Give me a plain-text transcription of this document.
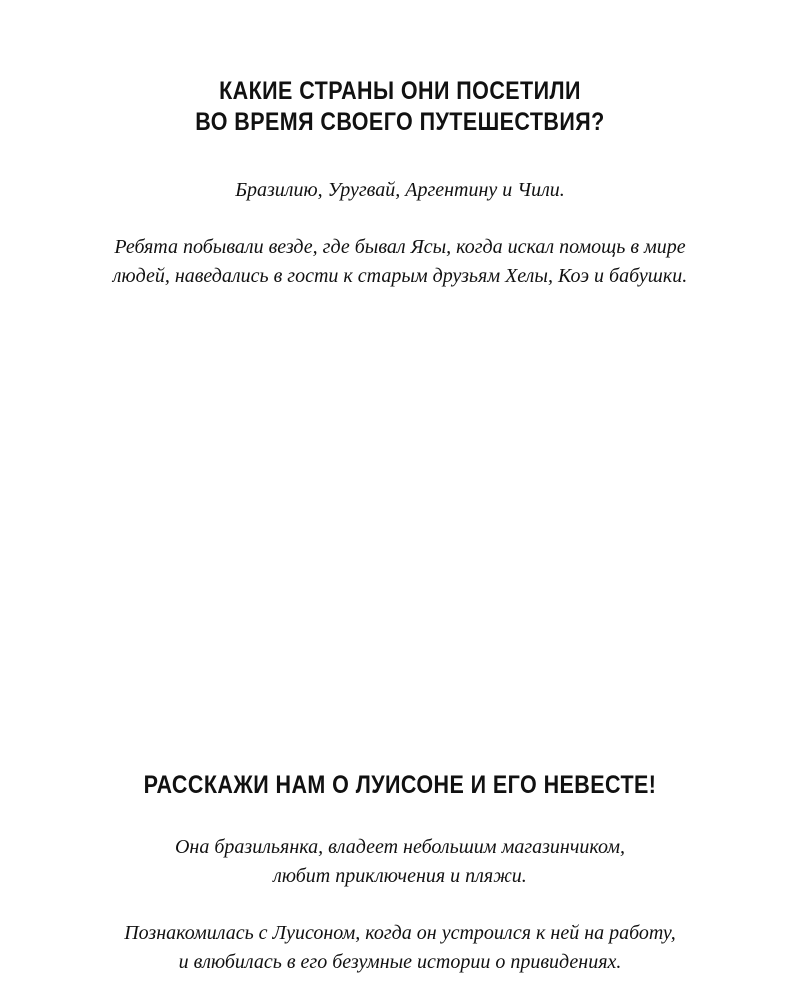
КАКИЕ СТРАНЫ ОНИ ПОСЕТИЛИ
ВО ВРЕМЯ СВОЕГО ПУТЕШЕСТВИЯ?

Бразилию, Уругвай, Аргентину и Чили.

Ребята побывали везде, где бывал Ясы, когда искал помощь в мире
людей, наведались в гости к старым друзьям Хелы, Коэ и бабушки.

РАССКАЖИ НАМ О ЛУИСОНЕ И ЕГО НЕВЕСТЕ!

Она бразильянка, владеет небольшим магазинчиком,
любит приключения и пляжи.

Познакомилась с Луисоном, когда он устроился к ней на работу,
и влюбилась в его безумные истории о привидениях.
